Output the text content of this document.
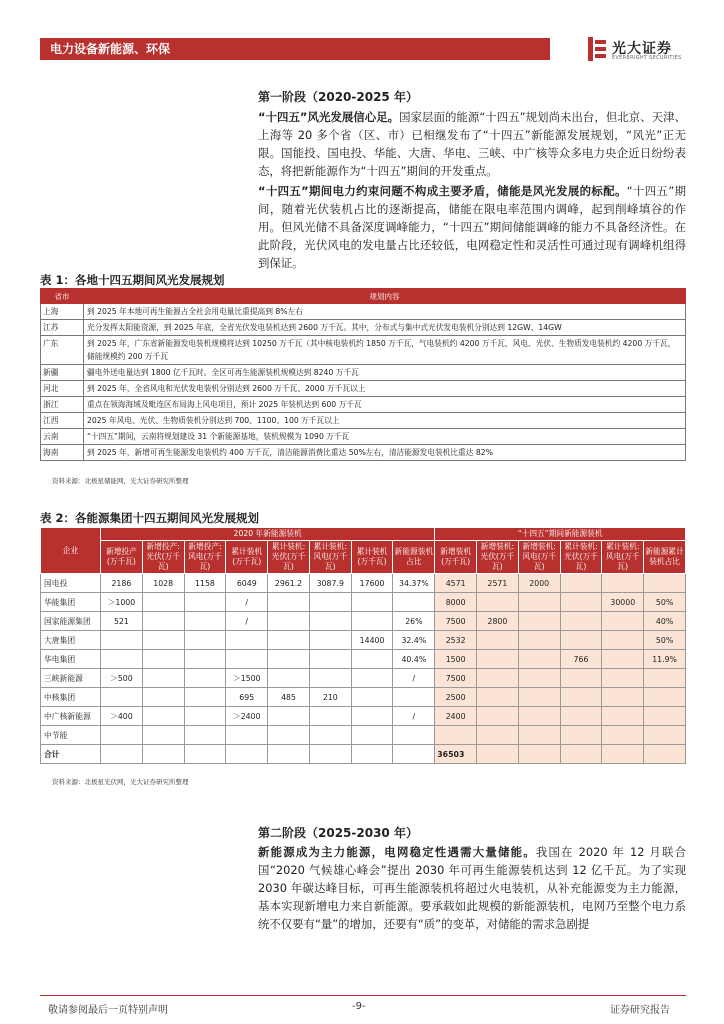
电力设备新能源、环保	光大证券
EVERBRIGHT SECURITIES
第一阶段（2020-2025 年）

“十四五”风光发展信心足。国家层面的能源“十四五”规划尚未出台，但北京、天津、上海等 20 多个省（区、市）已相继发布了“十四五”新能源发展规划，“风光”正无限。国能投、国电投、华能、大唐、华电、三峡、中广核等众多电力央企近日纷纷表态，将把新能源作为“十四五”期间的开发重点。

“十四五”期间电力约束问题不构成主要矛盾，储能是风光发展的标配。“十四五”期间，随着光伏装机占比的逐渐提高，储能在限电率范围内调峰，起到削峰填谷的作用。但风光储不具备深度调峰能力，“十四五”期间储能调峰的能力不具备经济性。在此阶段，光伏风电的发电量占比还较低，电网稳定性和灵活性可通过现有调峰机组得到保证。

表 1：各地十四五期间风光发展规划
省市	规划内容
上海	到 2025 年本地可再生能源占全社会用电量比重提高到 8%左右
江苏	充分发挥太阳能资源，到 2025 年底，全省光伏发电装机达到 2600 万千瓦。其中，分布式与集中式光伏发电装机分别达到 12GW、14GW
广东	到 2025 年，广东省新能源发电装机规模将达到 10250 万千瓦（其中核电装机约 1850 万千瓦，气电装机约 4200 万千瓦，风电、光伏、生物质发电装机约 4200 万千瓦，储能规模约 200 万千瓦
新疆	疆电外送电量达到 1800 亿千瓦时。全区可再生能源装机规模达到 8240 万千瓦
河北	到 2025 年，全省风电和光伏发电装机分别达到 2600 万千瓦、2000 万千瓦以上
浙江	重点在领海海域及毗连区布局海上风电项目，预计 2025 年装机达到 600 万千瓦
江西	2025 年风电、光伏、生物质装机分别达到 700、1100、100 万千瓦以上
云南	“十四五”期间，云南将规划建设 31 个新能源基地，装机规模为 1090 万千瓦
海南	到 2025 年，新增可再生能源发电装机约 400 万千瓦，清洁能源消费比重达 50%左右，清洁能源发电装机比重达 82%
资料来源：北极星储能网，光大证券研究所整理
表 2：各能源集团十四五期间风光发展规划
企业	2020 年新能源装机								“十四五”期间新能源装机					
	新增投产(万千瓦)	新增投产:光伏(万千瓦)	新增投产:风电(万千瓦)	累计装机(万千瓦)	累计装机:光伏(万千瓦)	累计装机:风电(万千瓦)	累计装机(万千瓦)	新能源装机占比	新增装机(万千瓦)	新增装机:光伏(万千瓦)	新增装机:风电(万千瓦)	累计装机:光伏(万千瓦)	累计装机:风电(万千瓦)	新能源累计装机占比
国电投	2186	1028	1158	6049	2961.2	3087.9	17600	34.37%	4571	2571	2000			
华能集团	＞1000			/					8000				30000	50%
国家能源集团	521			/				26%	7500	2800				40%
大唐集团							14400	32.4%	2532					50%
华电集团								40.4%	1500			766		11.9%
三峡新能源	＞500			＞1500				/	7500					
中核集团				695	485	210			2500					
中广核新能源	＞400			＞2400				/	2400					
中节能														
合计									36503					
资料来源：北极星光伏网，光大证券研究所整理
第二阶段（2025-2030 年）

新能源成为主力能源，电网稳定性遇需大量储能。我国在 2020 年 12 月联合国“2020 气候雄心峰会”提出 2030 年可再生能源装机达到 12 亿千瓦。为了实现 2030 年碳达峰目标，可再生能源装机将超过火电装机，从补充能源变为主力能源，基本实现新增电力来自新能源。要承载如此规模的新能源装机，电网乃至整个电力系统不仅要有“量”的增加，还要有“质”的变革，对储能的需求急剧提

敬请参阅最后一页特别声明	-9-	证券研究报告
